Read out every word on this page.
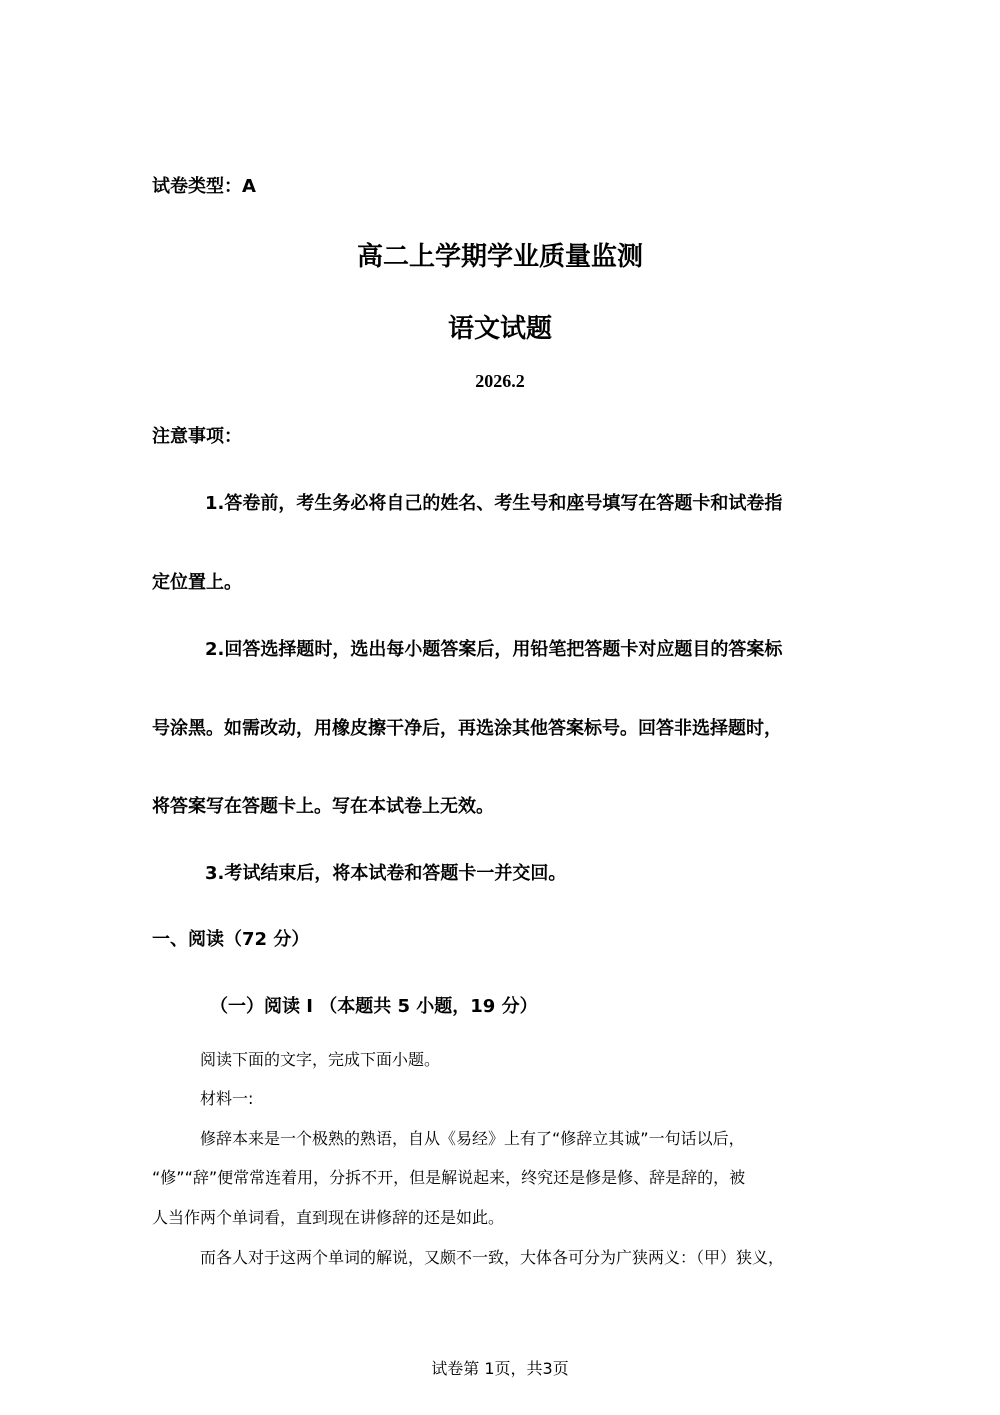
试卷类型：A
高二上学期学业质量监测
语文试题
2026.2
注意事项：
1.答卷前，考生务必将自己的姓名、考生号和座号填写在答题卡和试卷指
定位置上。
2.回答选择题时，选出每小题答案后，用铅笔把答题卡对应题目的答案标
号涂黑。如需改动，用橡皮擦干净后，再选涂其他答案标号。回答非选择题时，
将答案写在答题卡上。写在本试卷上无效。
3.考试结束后，将本试卷和答题卡一并交回。
一、阅读（72 分）
（一）阅读 I （本题共 5 小题，19 分）
阅读下面的文字，完成下面小题。
材料一:
修辞本来是一个极熟的熟语，自从《易经》上有了“修辞立其诚”一句话以后，
“修”“辞”便常常连着用，分拆不开，但是解说起来，终究还是修是修、辞是辞的，被
人当作两个单词看，直到现在讲修辞的还是如此。
而各人对于这两个单词的解说，又颇不一致，大体各可分为广狭两义：（甲）狭义，
试卷第 1页，共3页
